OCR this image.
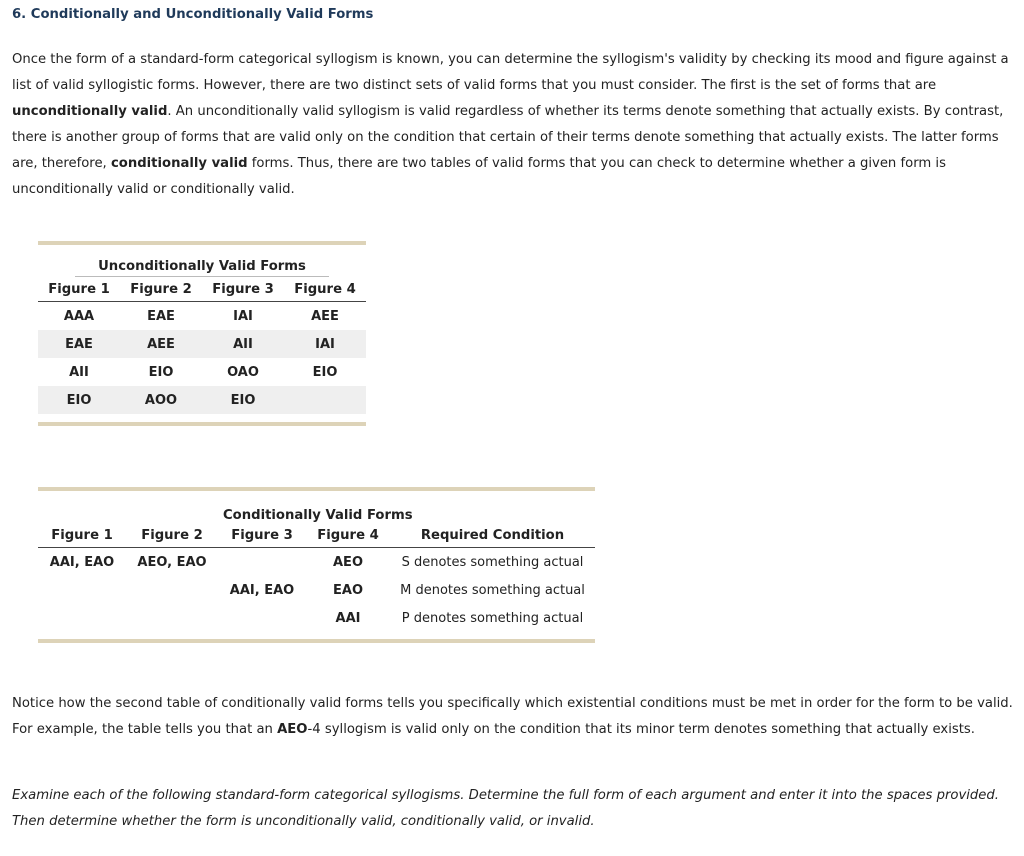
6. Conditionally and Unconditionally Valid Forms

Once the form of a standard-form categorical syllogism is known, you can determine the syllogism's validity by checking its mood and figure against a list of valid syllogistic forms. However, there are two distinct sets of valid forms that you must consider. The first is the set of forms that are unconditionally valid. An unconditionally valid syllogism is valid regardless of whether its terms denote something that actually exists. By contrast, there is another group of forms that are valid only on the condition that certain of their terms denote something that actually exists. The latter forms are, therefore, conditionally valid forms. Thus, there are two tables of valid forms that you can check to determine whether a given form is unconditionally valid or conditionally valid.

Unconditionally Valid Forms			
Figure 1	Figure 2	Figure 3	Figure 4
AAA	EAE	IAI	AEE
EAE	AEE	AII	IAI
AII	EIO	OAO	EIO
EIO	AOO	EIO	
Conditionally Valid Forms				
Figure 1	Figure 2	Figure 3	Figure 4	Required Condition
AAI, EAO	AEO, EAO		AEO	S denotes something actual
		AAI, EAO	EAO	M denotes something actual
			AAI	P denotes something actual

Notice how the second table of conditionally valid forms tells you specifically which existential conditions must be met in order for the form to be valid. For example, the table tells you that an AEO-4 syllogism is valid only on the condition that its minor term denotes something that actually exists.

Examine each of the following standard-form categorical syllogisms. Determine the full form of each argument and enter it into the spaces provided. Then determine whether the form is unconditionally valid, conditionally valid, or invalid.
